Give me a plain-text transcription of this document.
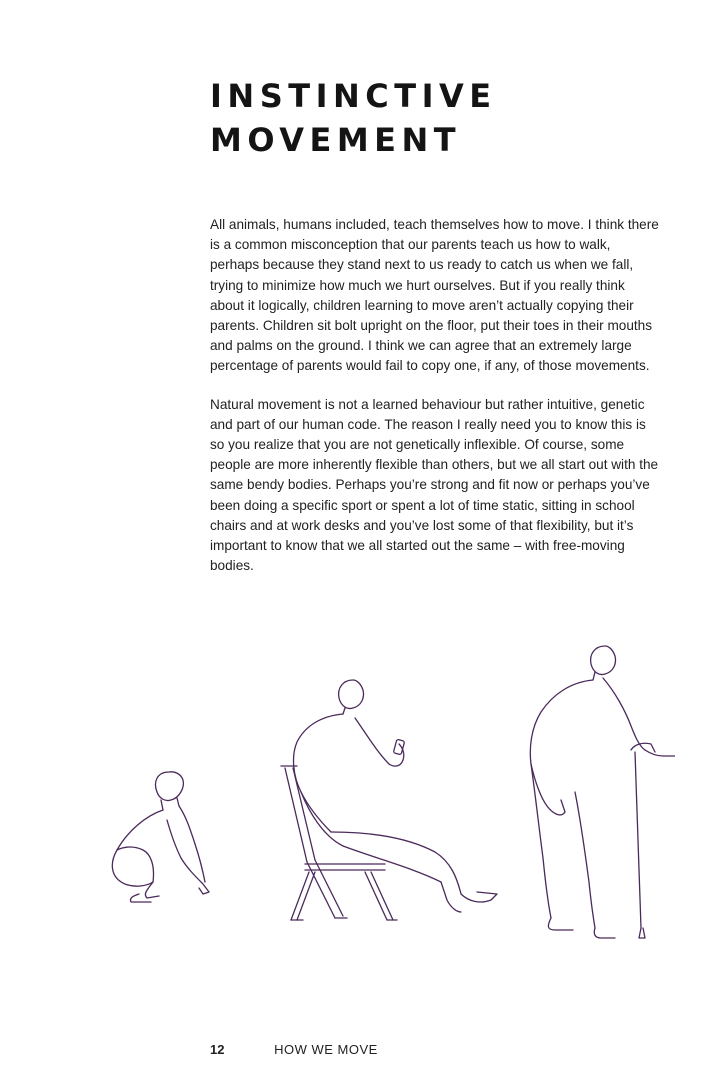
INSTINCTIVE
MOVEMENT

All animals, humans included, teach themselves how to move. I think there is a common misconception that our parents teach us how to walk, perhaps because they stand next to us ready to catch us when we fall, trying to minimize how much we hurt ourselves. But if you really think about it logically, children learning to move aren’t actually copying their parents. Children sit bolt upright on the floor, put their toes in their mouths and palms on the ground. I think we can agree that an extremely large percentage of parents would fail to copy one, if any, of those movements.

Natural movement is not a learned behaviour but rather intuitive, genetic and part of our human code. The reason I really need you to know this is so you realize that you are not genetically inflexible. Of course, some people are more inherently flexible than others, but we all start out with the same bendy bodies. Perhaps you’re strong and fit now or perhaps you’ve been doing a specific sport or spent a lot of time static, sitting in school chairs and at work desks and you’ve lost some of that flexibility, but it’s important to know that we all started out the same – with free-moving bodies.

12	HOW WE MOVE
